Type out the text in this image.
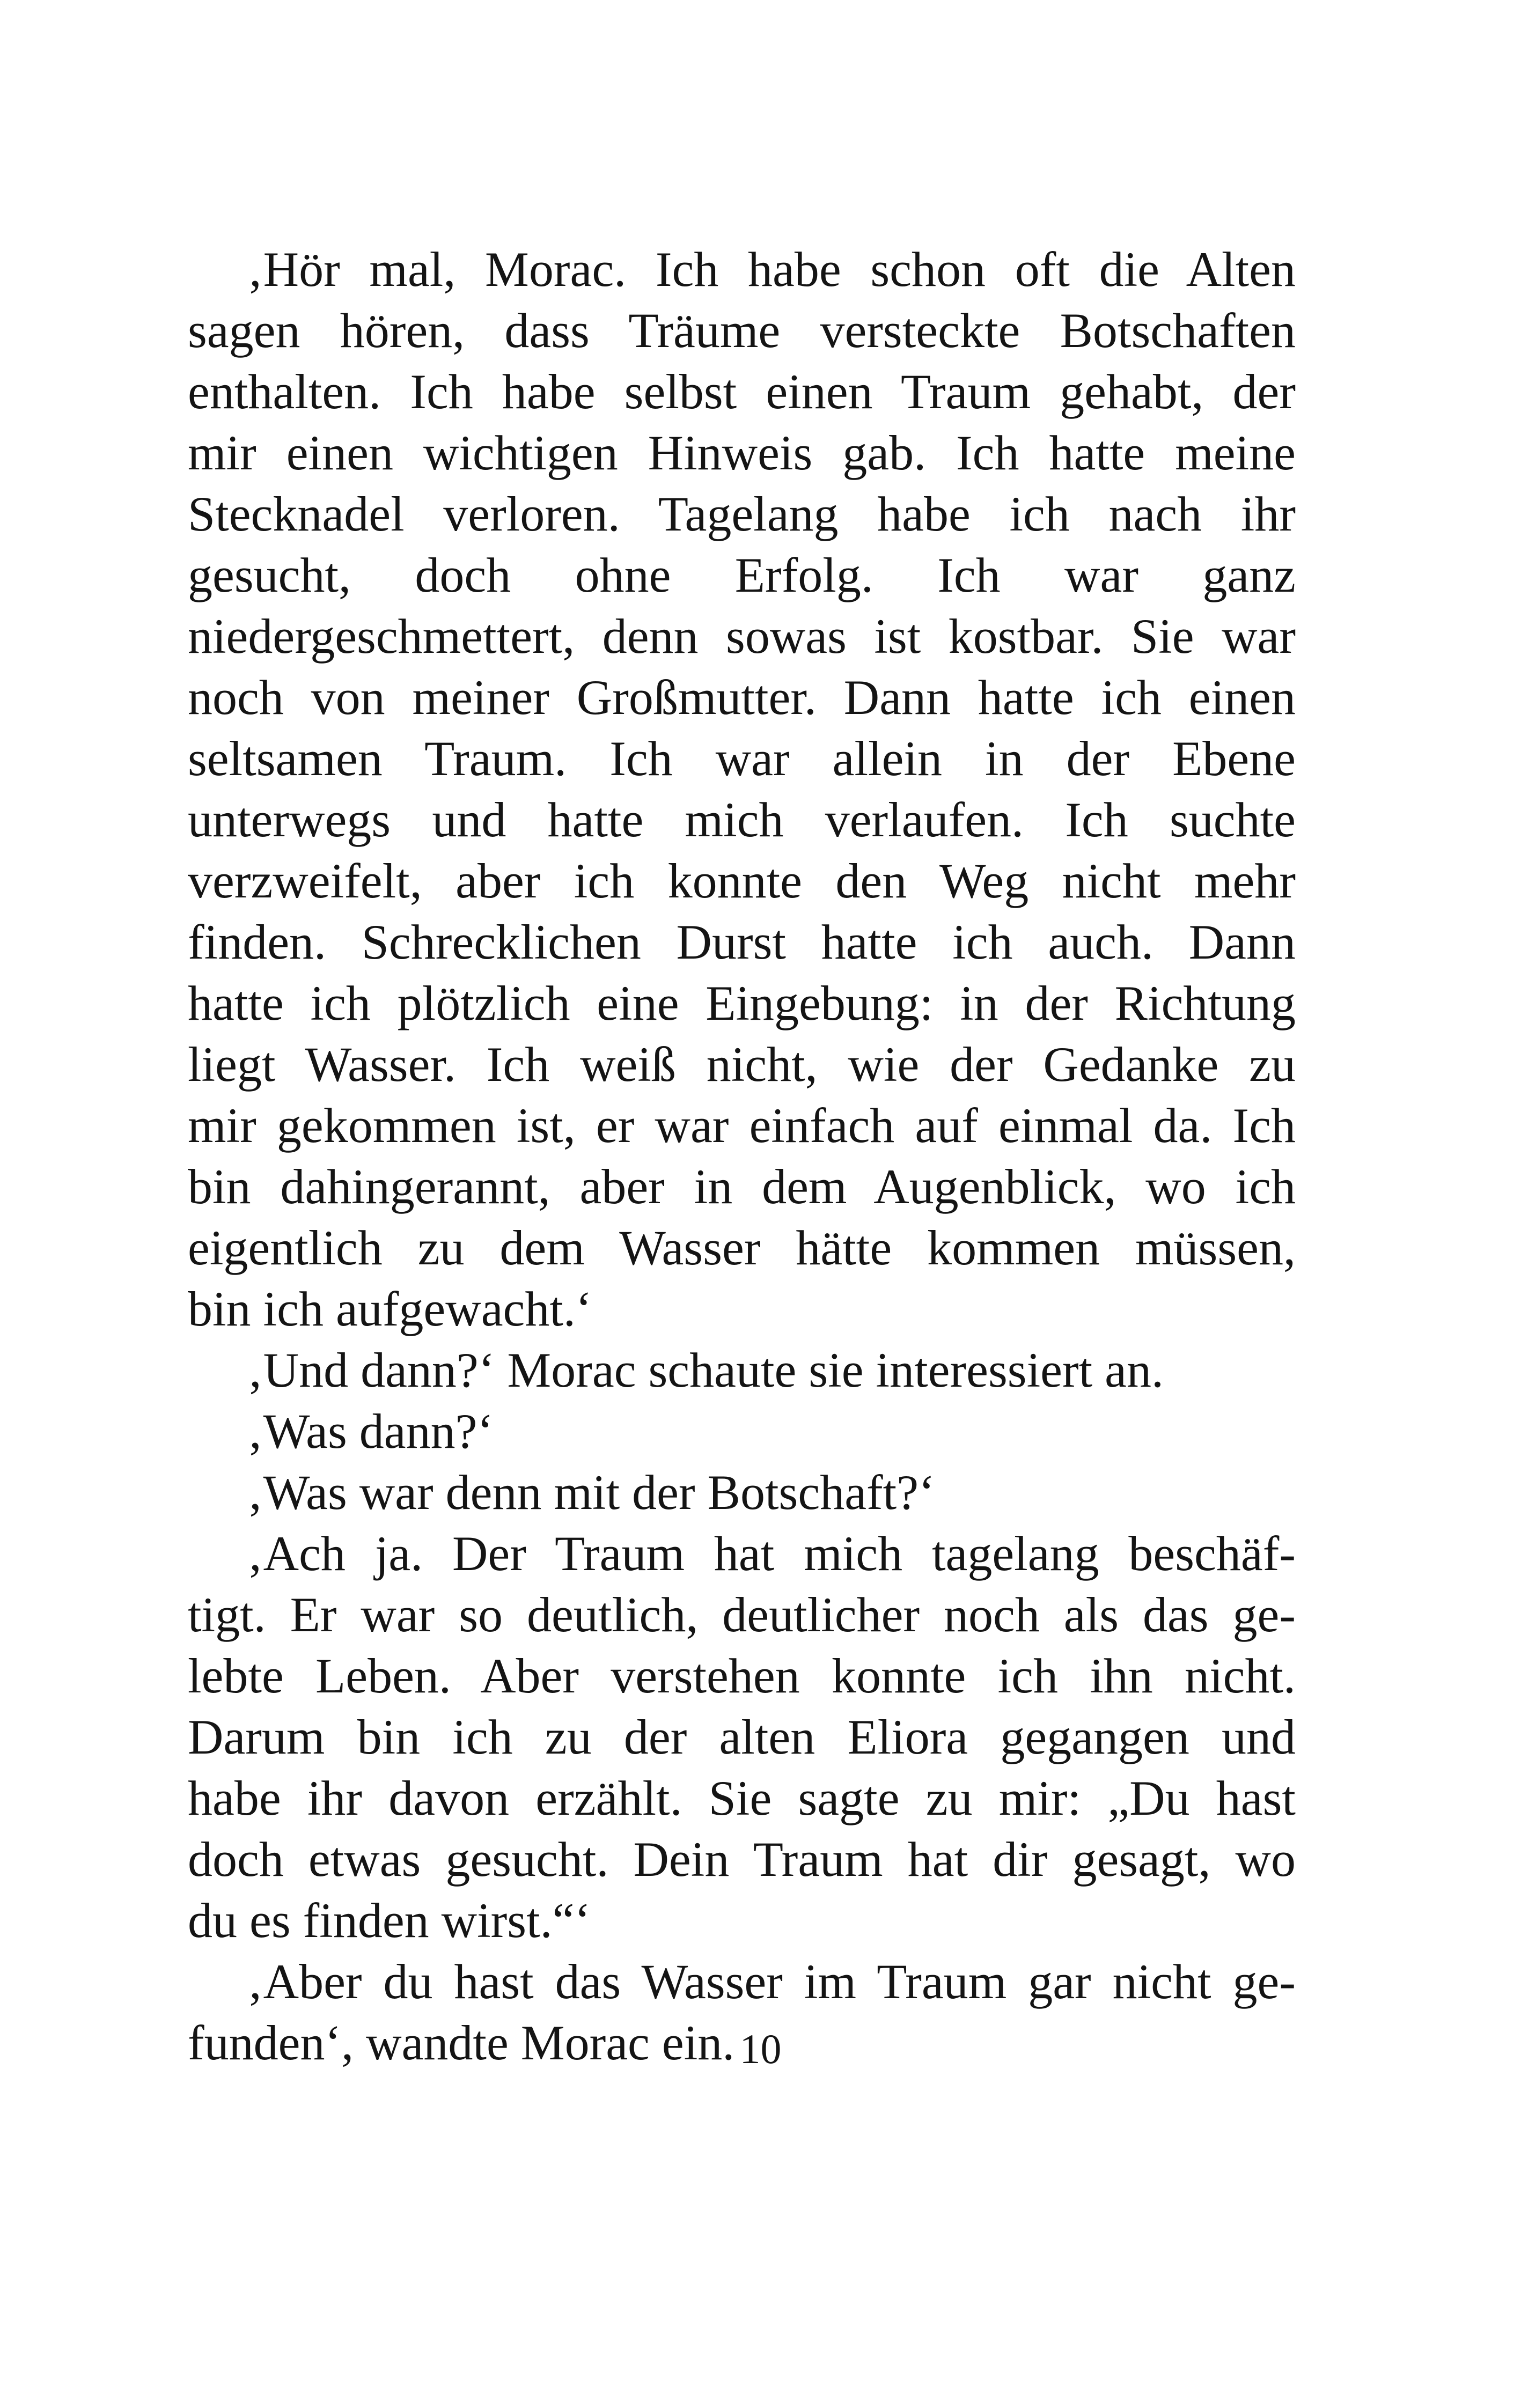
‚Hör mal, Morac. Ich habe schon oft die Alten
sagen hören, dass Träume versteckte Botschaften
enthalten. Ich habe selbst einen Traum gehabt, der
mir einen wichtigen Hinweis gab. Ich hatte meine
Stecknadel verloren. Tagelang habe ich nach ihr
gesucht, doch ohne Erfolg. Ich war ganz
niedergeschmettert, denn sowas ist kostbar. Sie war
noch von meiner Großmutter. Dann hatte ich einen
seltsamen Traum. Ich war allein in der Ebene
unterwegs und hatte mich verlaufen. Ich suchte
verzweifelt, aber ich konnte den Weg nicht mehr
finden. Schrecklichen Durst hatte ich auch. Dann
hatte ich plötzlich eine Eingebung: in der Richtung
liegt Wasser. Ich weiß nicht, wie der Gedanke zu
mir gekommen ist, er war einfach auf einmal da. Ich
bin dahingerannt, aber in dem Augenblick, wo ich
eigentlich zu dem Wasser hätte kommen müssen,
bin ich aufgewacht.‘
‚Und dann?‘ Morac schaute sie interessiert an.
‚Was dann?‘
‚Was war denn mit der Botschaft?‘
‚Ach ja. Der Traum hat mich tagelang beschäf-
tigt. Er war so deutlich, deutlicher noch als das ge-
lebte Leben. Aber verstehen konnte ich ihn nicht.
Darum bin ich zu der alten Eliora gegangen und
habe ihr davon erzählt. Sie sagte zu mir: „Du hast
doch etwas gesucht. Dein Traum hat dir gesagt, wo
du es finden wirst.“‘
‚Aber du hast das Wasser im Traum gar nicht ge-
funden‘, wandte Morac ein. 10
